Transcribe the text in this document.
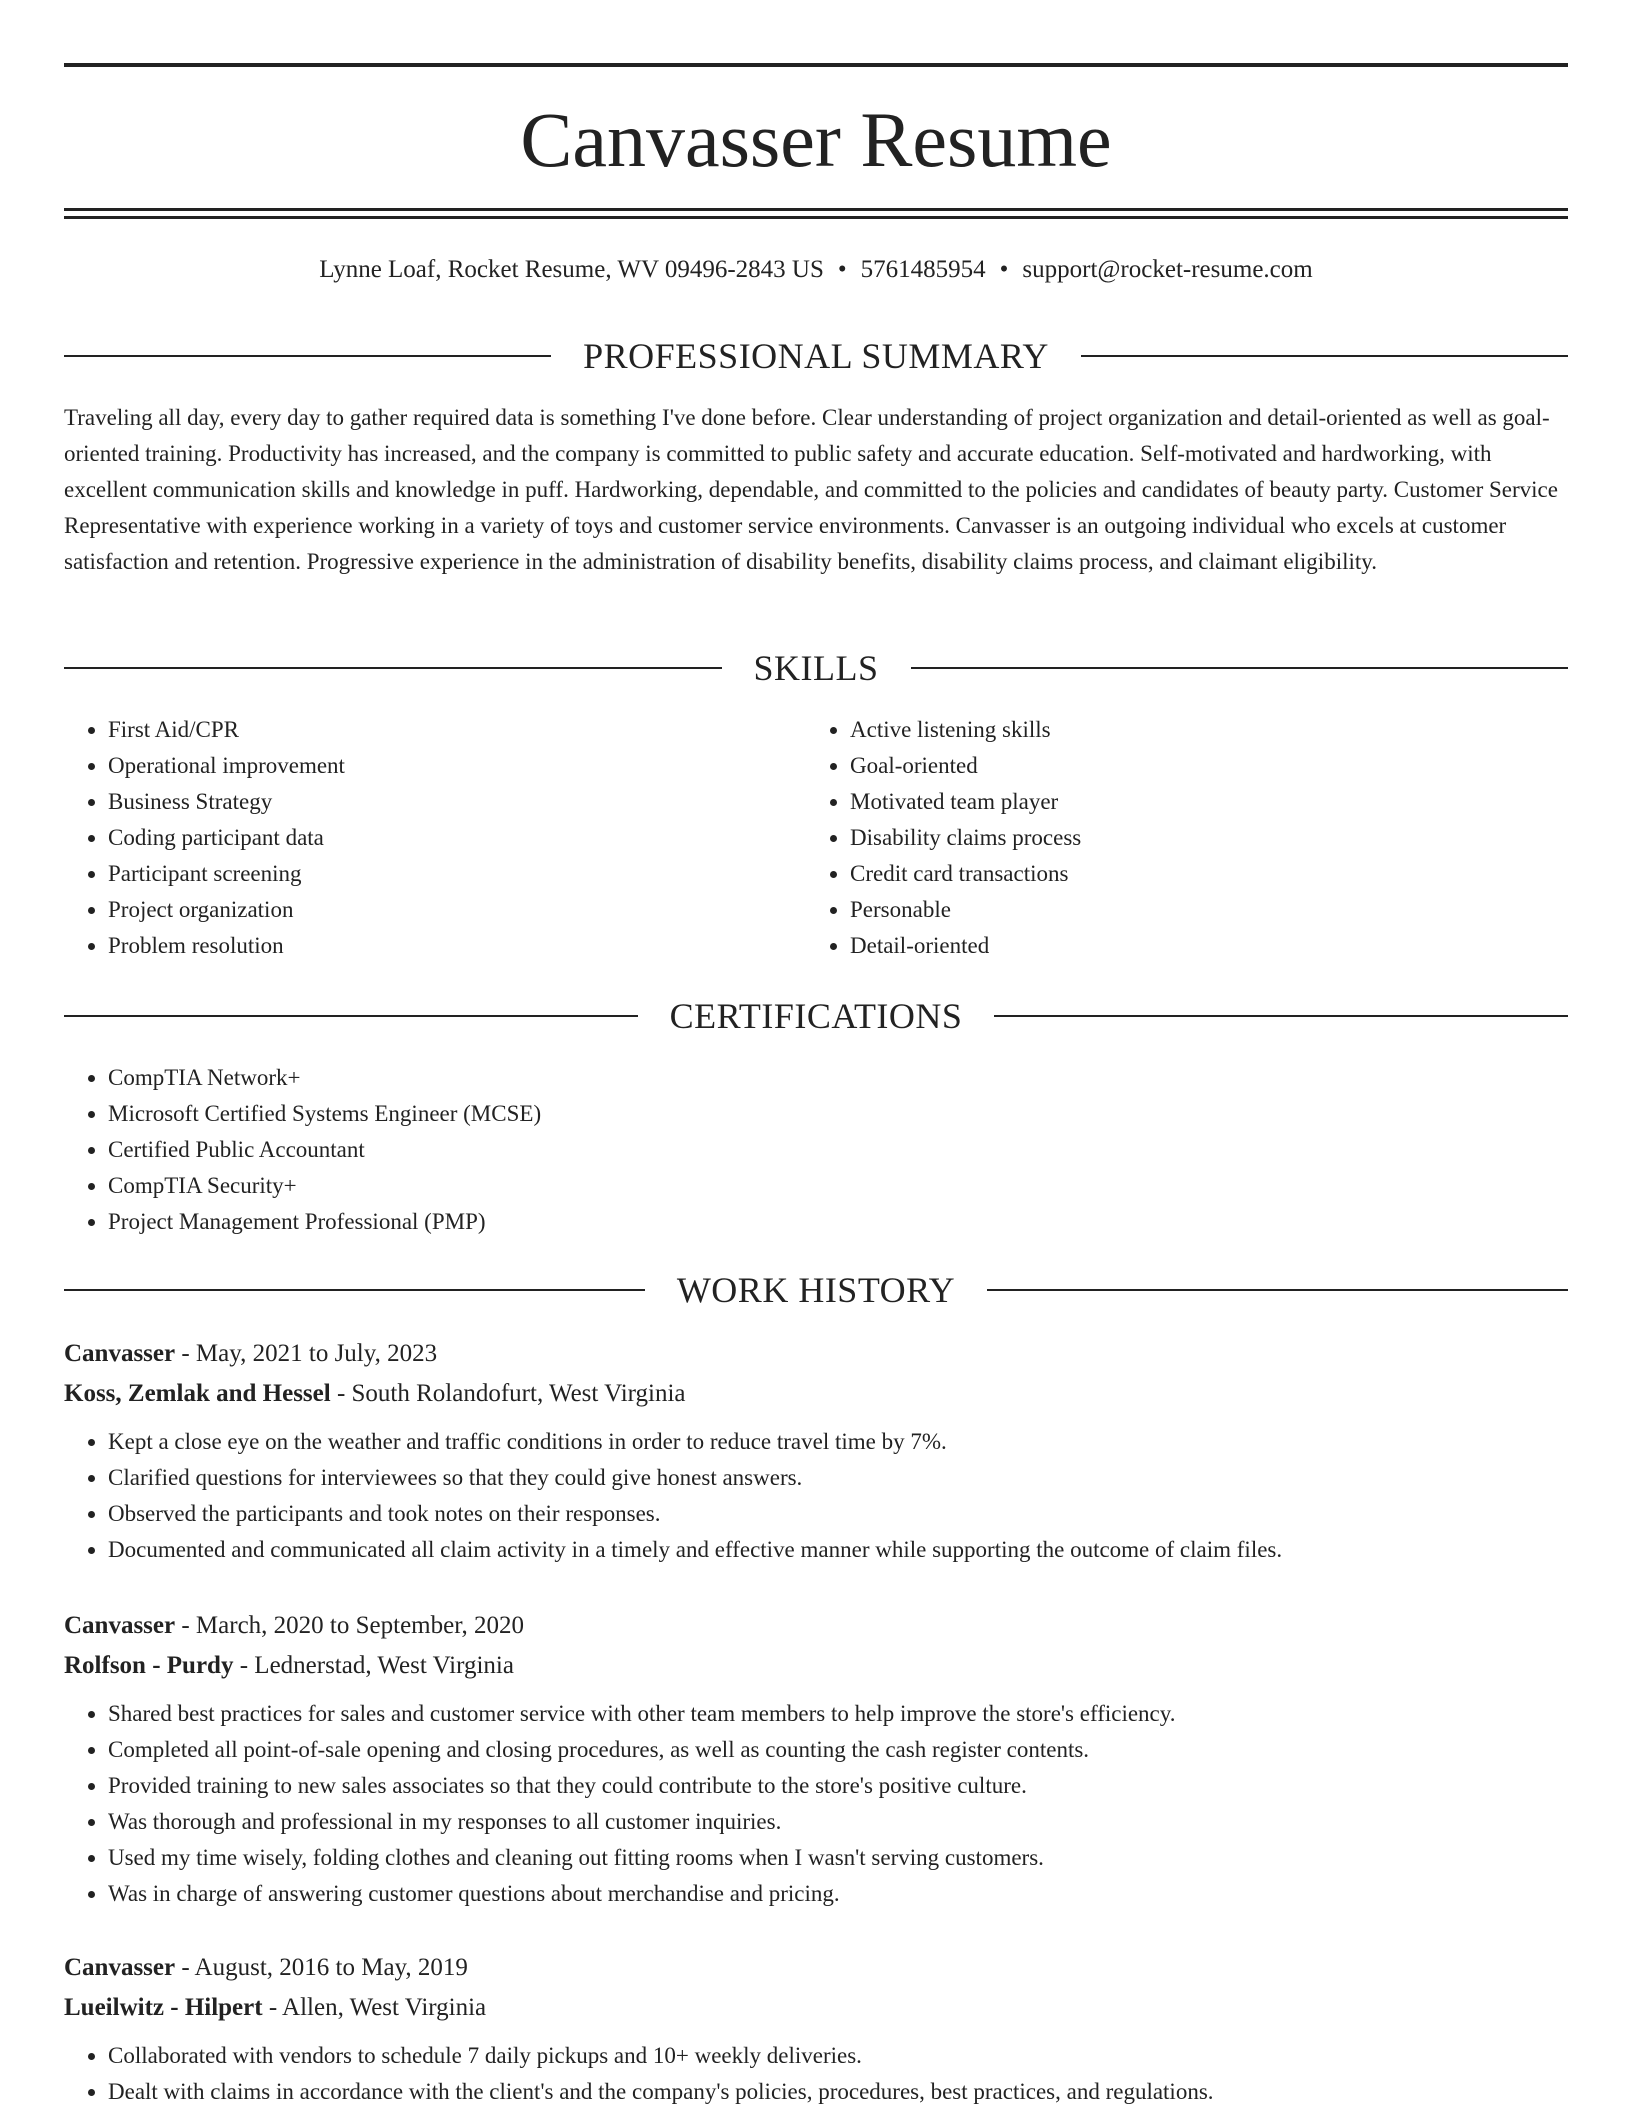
Canvasser Resume
Lynne Loaf, Rocket Resume, WV 09496-2843 US • 5761485954 • support@rocket-resume.com
PROFESSIONAL SUMMARY

Traveling all day, every day to gather required data is something I've done before. Clear understanding of project organization and detail-oriented as well as goal-oriented training. Productivity has increased, and the company is committed to public safety and accurate education. Self-motivated and hardworking, with excellent communication skills and knowledge in puff. Hardworking, dependable, and committed to the policies and candidates of beauty party. Customer Service Representative with experience working in a variety of toys and customer service environments. Canvasser is an outgoing individual who excels at customer satisfaction and retention. Progressive experience in the administration of disability benefits, disability claims process, and claimant eligibility.

SKILLS
• First Aid/CPR
• Operational improvement
• Business Strategy
• Coding participant data
• Participant screening
• Project organization
• Problem resolution
• Active listening skills
• Goal-oriented
• Motivated team player
• Disability claims process
• Credit card transactions
• Personable
• Detail-oriented
CERTIFICATIONS
• CompTIA Network+
• Microsoft Certified Systems Engineer (MCSE)
• Certified Public Accountant
• CompTIA Security+
• Project Management Professional (PMP)
WORK HISTORY
Canvasser - May, 2021 to July, 2023
Koss, Zemlak and Hessel - South Rolandofurt, West Virginia
• Kept a close eye on the weather and traffic conditions in order to reduce travel time by 7%.
• Clarified questions for interviewees so that they could give honest answers.
• Observed the participants and took notes on their responses.
• Documented and communicated all claim activity in a timely and effective manner while supporting the outcome of claim files.
Canvasser - March, 2020 to September, 2020
Rolfson - Purdy - Lednerstad, West Virginia
• Shared best practices for sales and customer service with other team members to help improve the store's efficiency.
• Completed all point-of-sale opening and closing procedures, as well as counting the cash register contents.
• Provided training to new sales associates so that they could contribute to the store's positive culture.
• Was thorough and professional in my responses to all customer inquiries.
• Used my time wisely, folding clothes and cleaning out fitting rooms when I wasn't serving customers.
• Was in charge of answering customer questions about merchandise and pricing.
Canvasser - August, 2016 to May, 2019
Lueilwitz - Hilpert - Allen, West Virginia
• Collaborated with vendors to schedule 7 daily pickups and 10+ weekly deliveries.
• Dealt with claims in accordance with the client's and the company's policies, procedures, best practices, and regulations.
